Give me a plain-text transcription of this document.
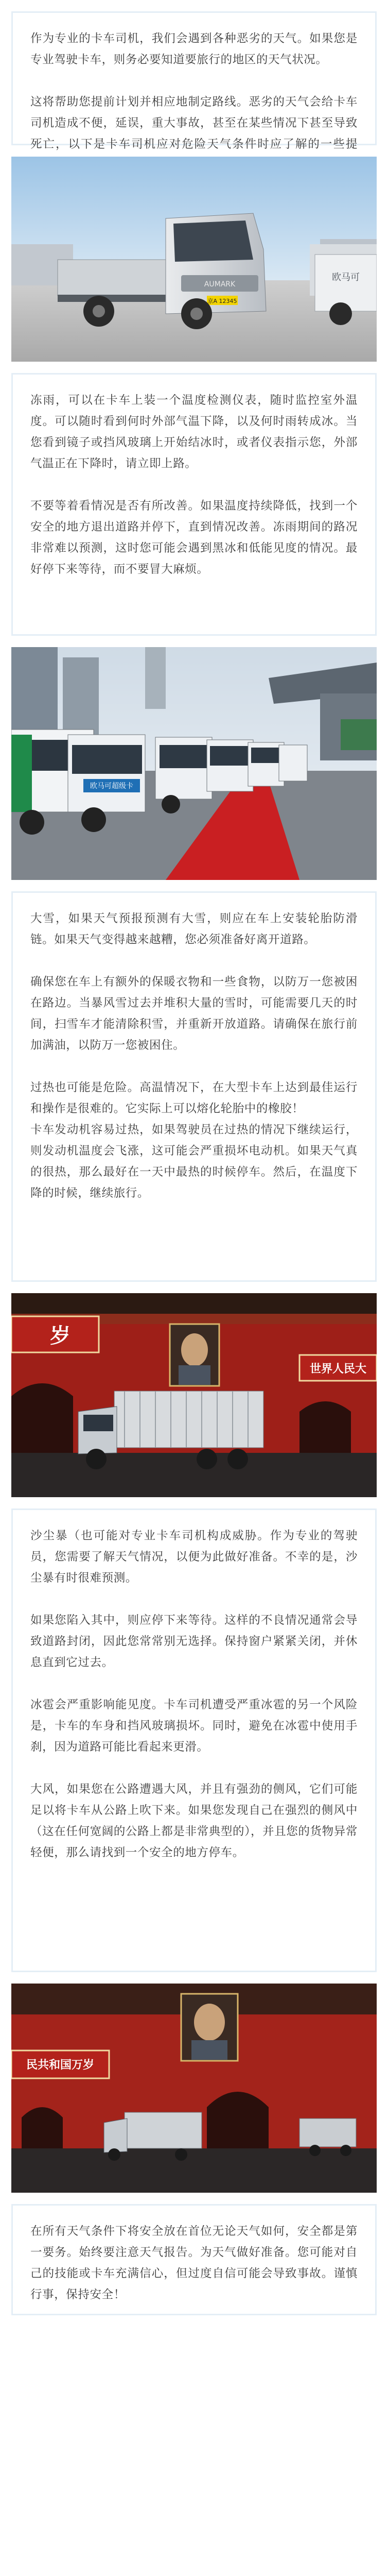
作为专业的卡车司机，我们会遇到各种恶劣的天气。如果您是专业驾驶卡车，则务必要知道要旅行的地区的天气状况。

这将帮助您提前计划并相应地制定路线。恶劣的天气会给卡车司机造成不便，延误，重大事故，甚至在某些情况下甚至导致死亡，以下是卡车司机应对危险天气条件时应了解的一些提

AUMARK
京A 12345
欧马可

冻雨，可以在卡车上装一个温度检测仪表，随时监控室外温度。可以随时看到何时外部气温下降，以及何时雨转成冰。当您看到镜子或挡风玻璃上开始结冰时，或者仪表指示您，外部气温正在下降时，请立即上路。

不要等着看情况是否有所改善。如果温度持续降低，找到一个安全的地方退出道路并停下，直到情况改善。冻雨期间的路况非常难以预测，这时您可能会遇到黑冰和低能见度的情况。最好停下来等待，而不要冒大麻烦。

欧马可超级卡

大雪，如果天气预报预测有大雪，则应在车上安装轮胎防滑链。如果天气变得越来越糟，您必须准备好离开道路。

确保您在车上有额外的保暖衣物和一些食物，以防万一您被困在路边。当暴风雪过去并堆积大量的雪时，可能需要几天的时间，扫雪车才能清除积雪，并重新开放道路。请确保在旅行前加满油，以防万一您被困住。

过热也可能是危险。高温情况下，在大型卡车上达到最佳运行和操作是很难的。它实际上可以熔化轮胎中的橡胶！

卡车发动机容易过热，如果驾驶员在过热的情况下继续运行，则发动机温度会飞涨，这可能会严重损坏电动机。如果天气真的很热，那么最好在一天中最热的时候停车。然后，在温度下降的时候，继续旅行。

岁
世界人民大

沙尘暴（也可能对专业卡车司机构成威胁。作为专业的驾驶员，您需要了解天气情况，以便为此做好准备。不幸的是，沙尘暴有时很难预测。

如果您陷入其中，则应停下来等待。这样的不良情况通常会导致道路封闭，因此您常常别无选择。保持窗户紧紧关闭，并休息直到它过去。

冰雹会严重影响能见度。卡车司机遭受严重冰雹的另一个风险是，卡车的车身和挡风玻璃损坏。同时，避免在冰雹中使用手刹，因为道路可能比看起来更滑。

大风，如果您在公路遭遇大风，并且有强劲的侧风，它们可能足以将卡车从公路上吹下来。如果您发现自己在强烈的侧风中（这在任何宽阔的公路上都是非常典型的），并且您的货物异常轻便，那么请找到一个安全的地方停车。

民共和国万岁

在所有天气条件下将安全放在首位无论天气如何，安全都是第一要务。始终要注意天气报告。为天气做好准备。您可能对自己的技能或卡车充满信心，但过度自信可能会导致事故。谨慎行事，保持安全！
